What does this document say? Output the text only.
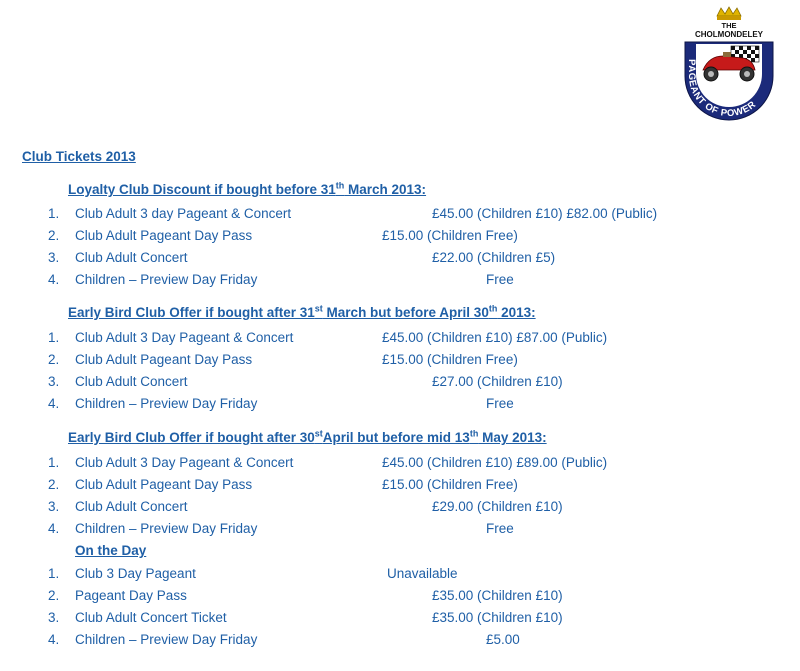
THE
CHOLMONDELEY
PAGEANT OF POWER
Club Tickets 2013
Loyalty Club Discount if bought before 31th March 2013:
1. Club Adult 3 day Pageant & Concert	£45.00 (Children £10) £82.00 (Public)
2. Club Adult Pageant Day Pass	£15.00 (Children Free)
3. Club Adult Concert	£22.00 (Children £5)
4. Children – Preview Day Friday	Free
Early Bird Club Offer if bought after 31st March but before April 30th 2013:
1. Club Adult 3 Day Pageant & Concert	£45.00 (Children £10) £87.00 (Public)
2. Club Adult Pageant Day Pass	£15.00 (Children Free)
3. Club Adult Concert	£27.00 (Children £10)
4. Children – Preview Day Friday	Free
Early Bird Club Offer if bought after 30stApril but before mid 13th May 2013:
1. Club Adult 3 Day Pageant & Concert	£45.00 (Children £10) £89.00 (Public)
2. Club Adult Pageant Day Pass	£15.00 (Children Free)
3. Club Adult Concert	£29.00 (Children £10)
4. Children – Preview Day Friday	Free
On the Day
1. Club 3 Day Pageant	Unavailable
2. Pageant Day Pass	£35.00 (Children £10)
3. Club Adult Concert Ticket	£35.00 (Children £10)
4. Children – Preview Day Friday	£5.00
